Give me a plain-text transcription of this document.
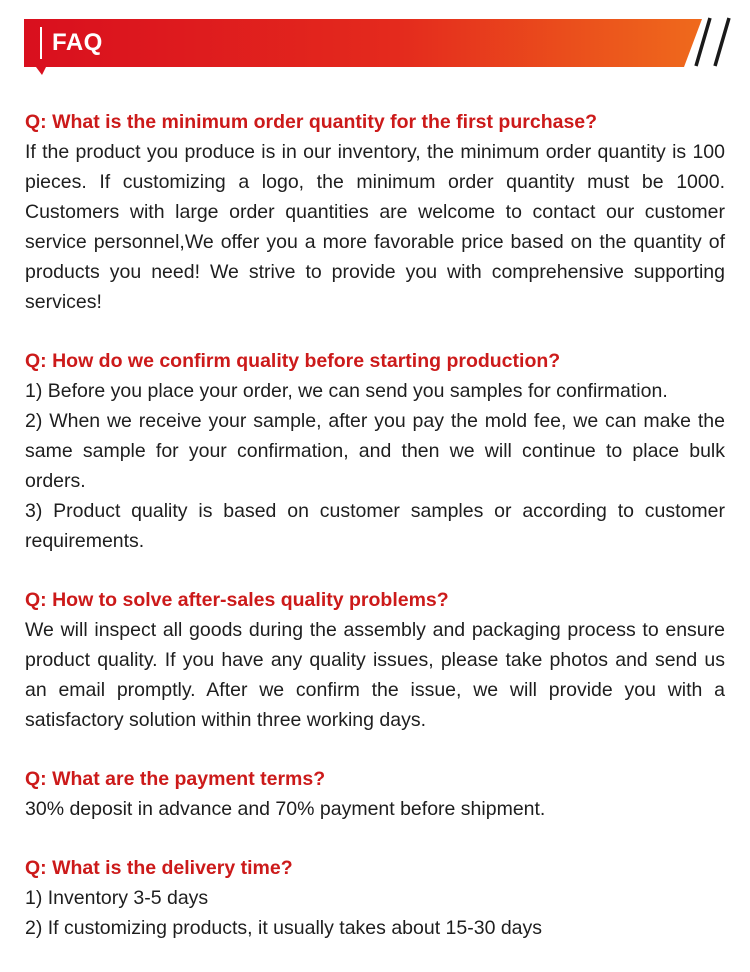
FAQ

Q: What is the minimum order quantity for the first purchase?

If the product you produce is in our inventory, the minimum order quantity is 100 pieces. If customizing a logo, the minimum order quantity must be 1000. Customers with large order quantities are welcome to contact our customer service personnel,We offer you a more favorable price based on the quantity of products you need! We strive to provide you with comprehensive supporting services!

Q: How do we confirm quality before starting production?

1) Before you place your order, we can send you samples for confirmation.
2) When we receive your sample, after you pay the mold fee, we can make the same sample for your confirmation, and then we will continue to place bulk orders.
3) Product quality is based on customer samples or according to customer requirements.

Q: How to solve after-sales quality problems?

We will inspect all goods during the assembly and packaging process to ensure product quality. If you have any quality issues, please take photos and send us an email promptly. After we confirm the issue, we will provide you with a satisfactory solution within three working days.

Q: What are the payment terms?

30% deposit in advance and 70% payment before shipment.

Q: What is the delivery time?

1) Inventory 3-5 days
2) If customizing products, it usually takes about 15-30 days
